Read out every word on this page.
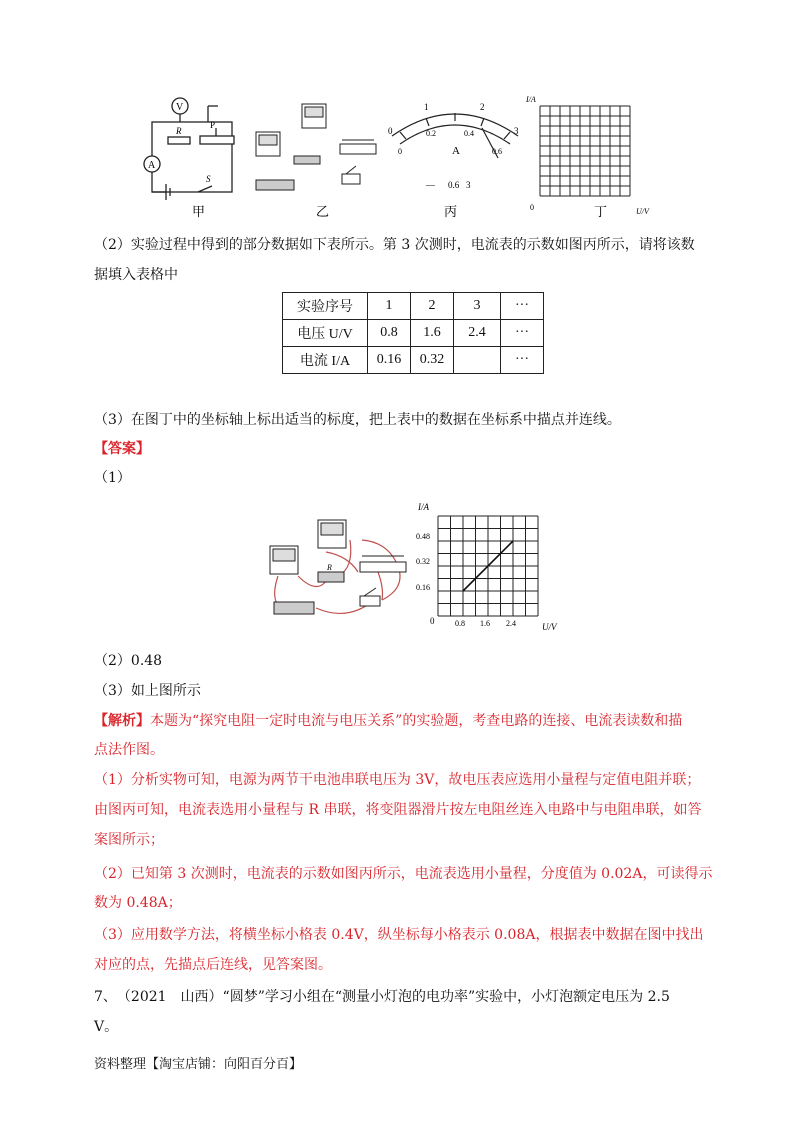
V
A
R
P
S
甲	乙
0
1	2
3
0
0.2	0.4
0.6
A
— 0.6 3
丙
I/A
U/V
0	丁
（2）实验过程中得到的部分数据如下表所示。第 3 次测时，电流表的示数如图丙所示，请将该数
据填入表格中
实验序号	1	2	3	···
电压 U/V	0.8	1.6	2.4	···
电流 I/A	0.16	0.32		···
（3）在图丁中的坐标轴上标出适当的标度，把上表中的数据在坐标系中描点并连线。
【答案】
（1）
R
I/A
U/V
0	0.8 1.6 2.4
0.16
0.32
0.48
（2）0.48
（3）如上图所示
【解析】本题为“探究电阻一定时电流与电压关系”的实验题，考查电路的连接、电流表读数和描
点法作图。
（1）分析实物可知，电源为两节干电池串联电压为 3V，故电压表应选用小量程与定值电阻并联；
由图丙可知，电流表选用小量程与 R 串联，将变阻器滑片按左电阻丝连入电路中与电阻串联，如答
案图所示；
（2）已知第 3 次测时，电流表的示数如图丙所示，电流表选用小量程，分度值为 0.02A，可读得示
数为 0.48A；
（3）应用数学方法，将横坐标小格表 0.4V，纵坐标每小格表示 0.08A，根据表中数据在图中找出
对应的点，先描点后连线，见答案图。
7、　（2021　山西）“圆梦”学习小组在“测量小灯泡的电功率”实验中，小灯泡额定电压为 2.5
V。
资料整理【淘宝店铺：向阳百分百】
